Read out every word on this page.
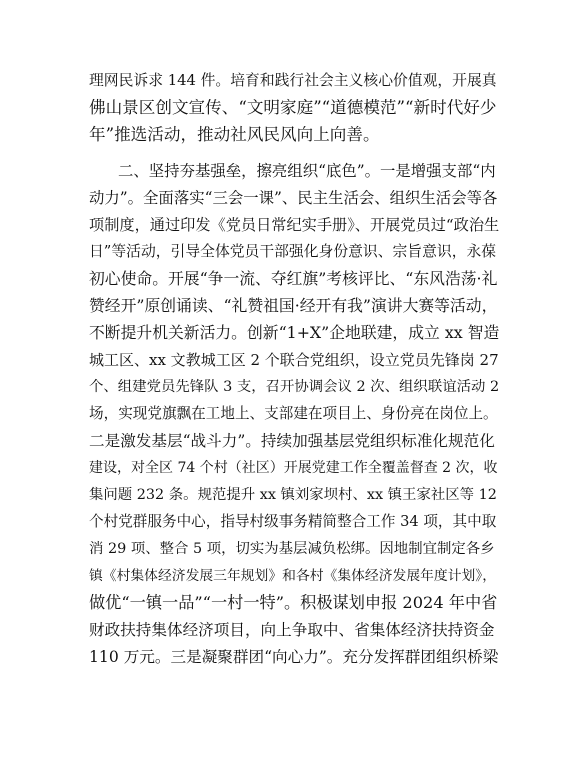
理网民诉求 144 件。培育和践行社会主义核心价值观，开展真
佛山景区创文宣传、“文明家庭”“道德模范”“新时代好少
年”推选活动，推动社风民风向上向善。
二、坚持夯基强垒，擦亮组织“底色”。一是增强支部“内
动力”。全面落实“三会一课”、民主生活会、组织生活会等各
项制度，通过印发《党员日常纪实手册》、开展党员过“政治生
日”等活动，引导全体党员干部强化身份意识、宗旨意识，永葆
初心使命。开展“争一流、夺红旗”考核评比、“东风浩荡·礼
赞经开”原创诵读、“礼赞祖国·经开有我”演讲大赛等活动，
不断提升机关新活力。创新“1+X”企地联建，成立 xx 智造
城工区、xx 文教城工区 2 个联合党组织，设立党员先锋岗 27
个、组建党员先锋队 3 支，召开协调会议 2 次、组织联谊活动 2
场，实现党旗飘在工地上、支部建在项目上、身份亮在岗位上。
二是激发基层“战斗力”。持续加强基层党组织标准化规范化
建设，对全区 74 个村（社区）开展党建工作全覆盖督查 2 次，收
集问题 232 条。规范提升 xx 镇刘家坝村、xx 镇王家社区等 12
个村党群服务中心，指导村级事务精简整合工作 34 项，其中取
消 29 项、整合 5 项，切实为基层减负松绑。因地制宜制定各乡
镇《村集体经济发展三年规划》和各村《集体经济发展年度计划》，
做优“一镇一品”“一村一特”。积极谋划申报 2024 年中省
财政扶持集体经济项目，向上争取中、省集体经济扶持资金
110 万元。三是凝聚群团“向心力”。充分发挥群团组织桥梁
